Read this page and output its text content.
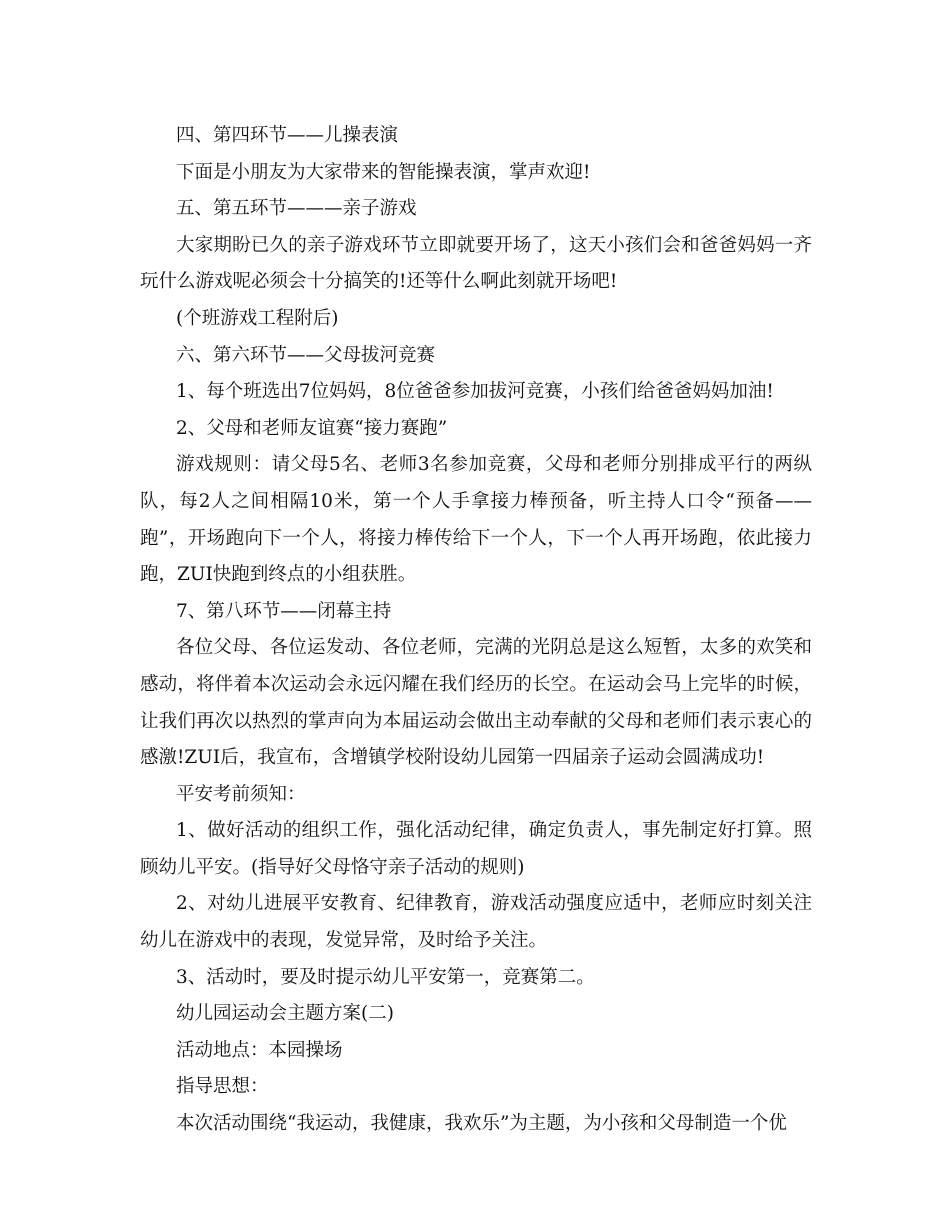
四、第四环节——儿操表演

下面是小朋友为大家带来的智能操表演，掌声欢迎!

五、第五环节———亲子游戏

大家期盼已久的亲子游戏环节立即就要开场了，这天小孩们会和爸爸妈妈一齐玩什么游戏呢必须会十分搞笑的!还等什么啊此刻就开场吧!

(个班游戏工程附后)

六、第六环节——父母拔河竞赛

1、每个班选出7位妈妈，8位爸爸参加拔河竞赛，小孩们给爸爸妈妈加油!

2、父母和老师友谊赛“接力赛跑”

游戏规则：请父母5名、老师3名参加竞赛，父母和老师分别排成平行的两纵队，每2人之间相隔10米，第一个人手拿接力棒预备，听主持人口令“预备——跑”，开场跑向下一个人，将接力棒传给下一个人，下一个人再开场跑，依此接力跑，ZUI快跑到终点的小组获胜。

7、第八环节——闭幕主持

各位父母、各位运发动、各位老师，完满的光阴总是这么短暂，太多的欢笑和感动，将伴着本次运动会永远闪耀在我们经历的长空。在运动会马上完毕的时候，让我们再次以热烈的掌声向为本届运动会做出主动奉献的父母和老师们表示衷心的感激!ZUI后，我宣布，含增镇学校附设幼儿园第一四届亲子运动会圆满成功!

平安考前须知：

1、做好活动的组织工作，强化活动纪律，确定负责人，事先制定好打算。照顾幼儿平安。(指导好父母恪守亲子活动的规则)

2、对幼儿进展平安教育、纪律教育，游戏活动强度应适中，老师应时刻关注幼儿在游戏中的表现，发觉异常，及时给予关注。

3、活动时，要及时提示幼儿平安第一，竞赛第二。

幼儿园运动会主题方案(二)

活动地点：本园操场

指导思想：

本次活动围绕“我运动，我健康，我欢乐”为主题，为小孩和父母制造一个优
